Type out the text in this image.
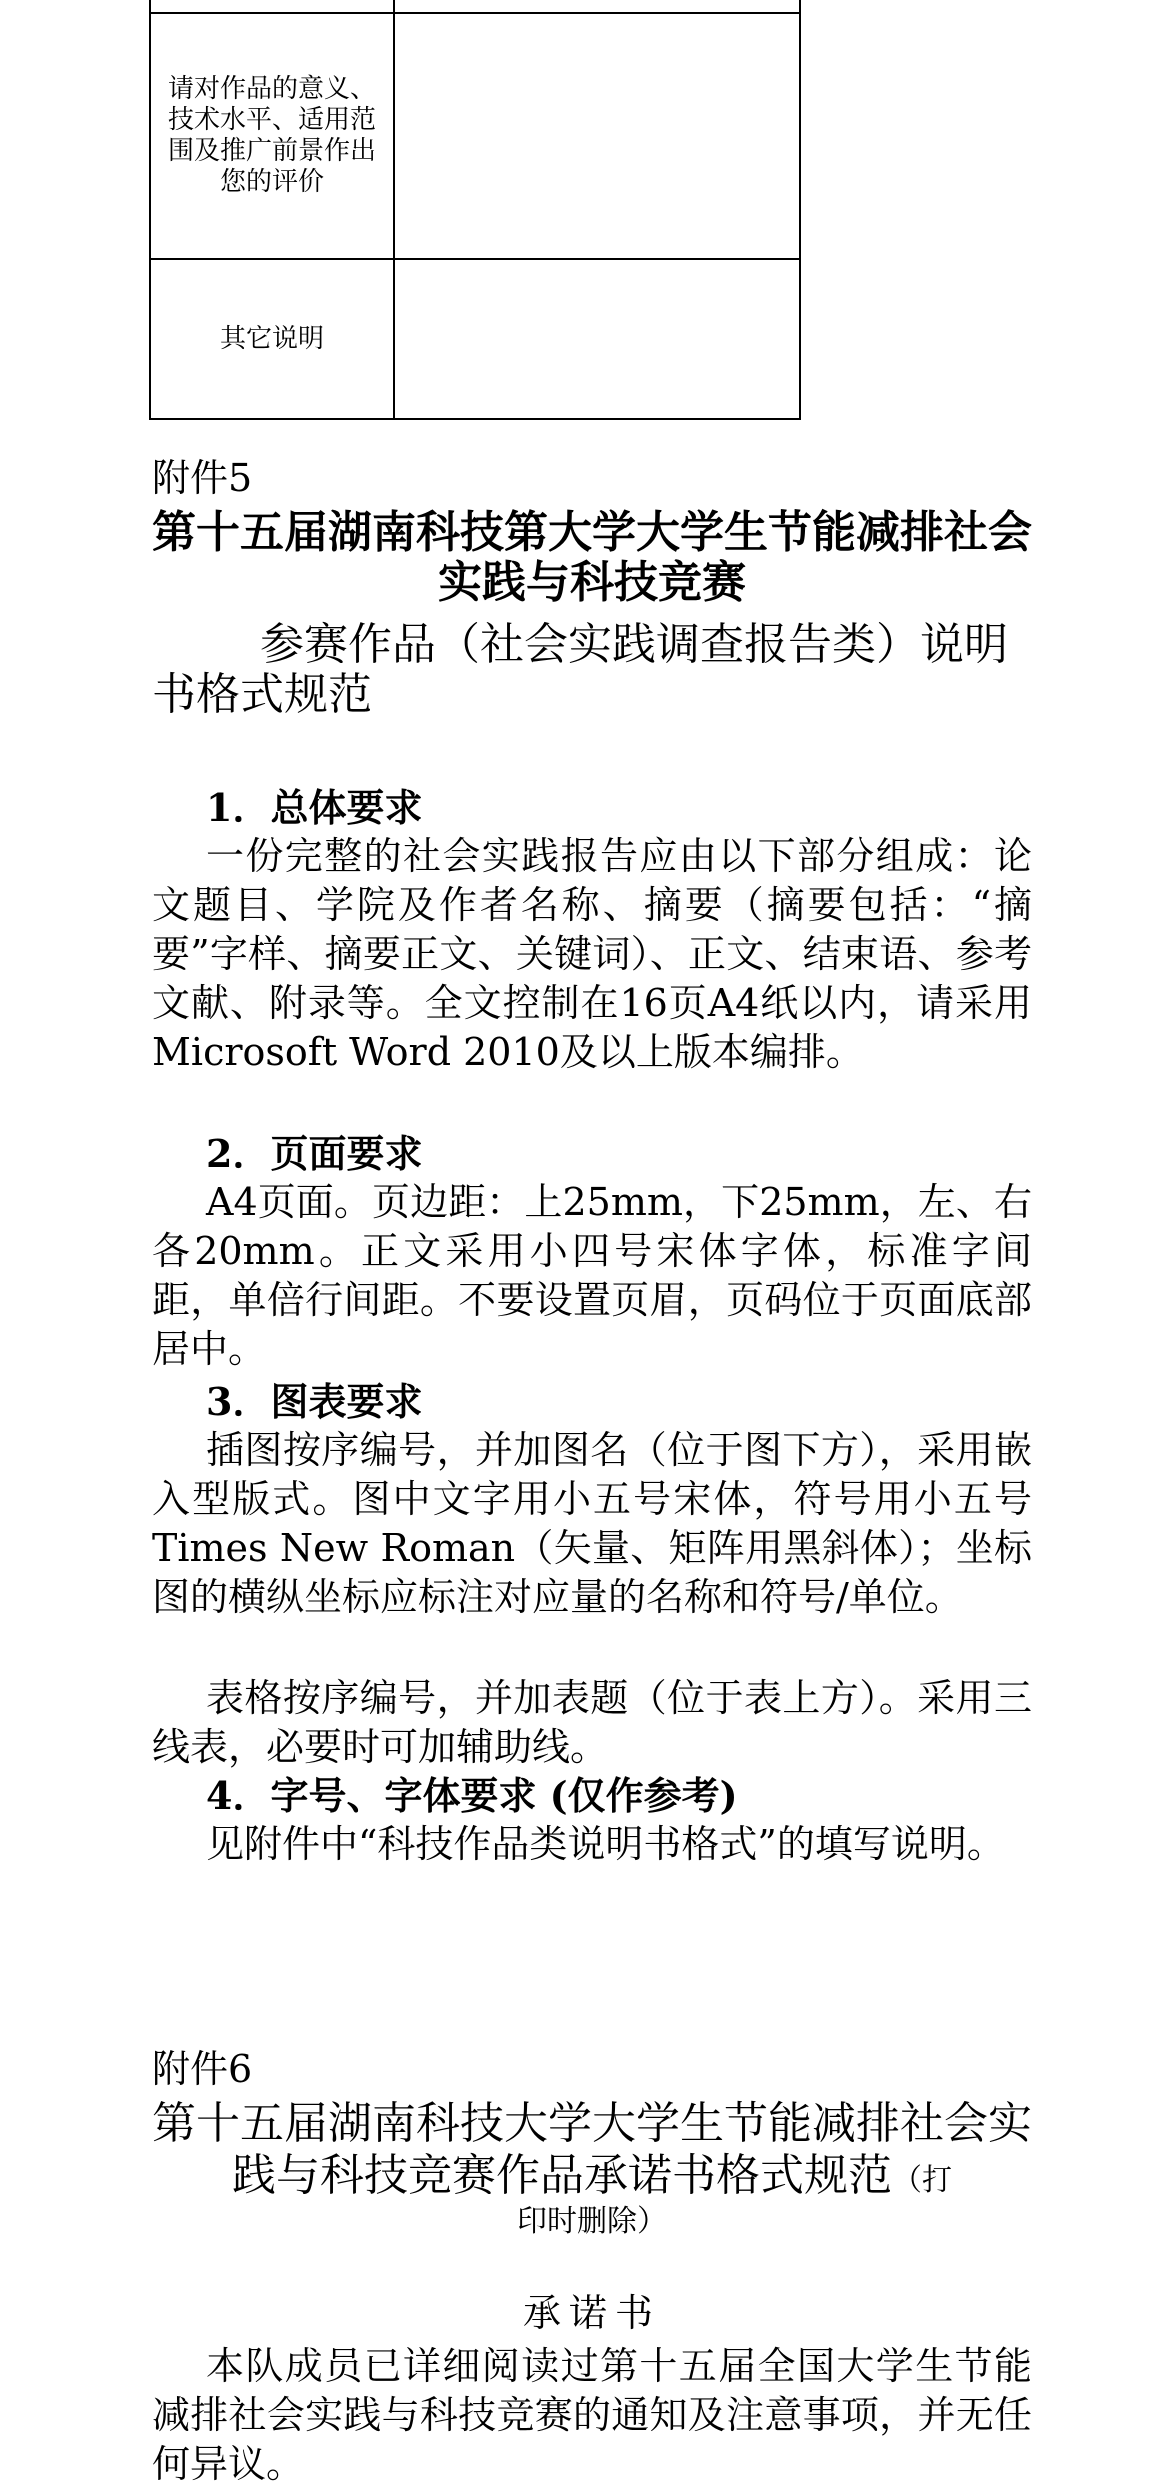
请对作品的意义、技术水平、适用范围及推广前景作出您的评价	
其它说明	
附件5
第十五届湖南科技第大学大学生节能减排社会实践与科技竞赛
参赛作品（社会实践调查报告类）说明书格式规范
1．总体要求
一份完整的社会实践报告应由以下部分组成：论文题目、学院及作者名称、摘要（摘要包括：“摘要”字样、摘要正文、关键词）、正文、结束语、参考文献、附录等。全文控制在16页A4纸以内，请采用Microsoft Word 2010及以上版本编排。
2．页面要求
A4页面。页边距：上25mm，下25mm，左、右各20mm。正文采用小四号宋体字体，标准字间距，单倍行间距。不要设置页眉，页码位于页面底部居中。
3．图表要求
插图按序编号，并加图名（位于图下方），采用嵌入型版式。图中文字用小五号宋体，符号用小五号Times New Roman（矢量、矩阵用黑斜体）；坐标图的横纵坐标应标注对应量的名称和符号/单位。
表格按序编号，并加表题（位于表上方）。采用三线表，必要时可加辅助线。
4．字号、字体要求 (仅作参考)
见附件中“科技作品类说明书格式”的填写说明。
附件6
第十五届湖南科技大学大学生节能减排社会实践与科技竞赛作品承诺书格式规范（打
印时删除）
承诺书
本队成员已详细阅读过第十五届全国大学生节能减排社会实践与科技竞赛的通知及注意事项，并无任何异议。
